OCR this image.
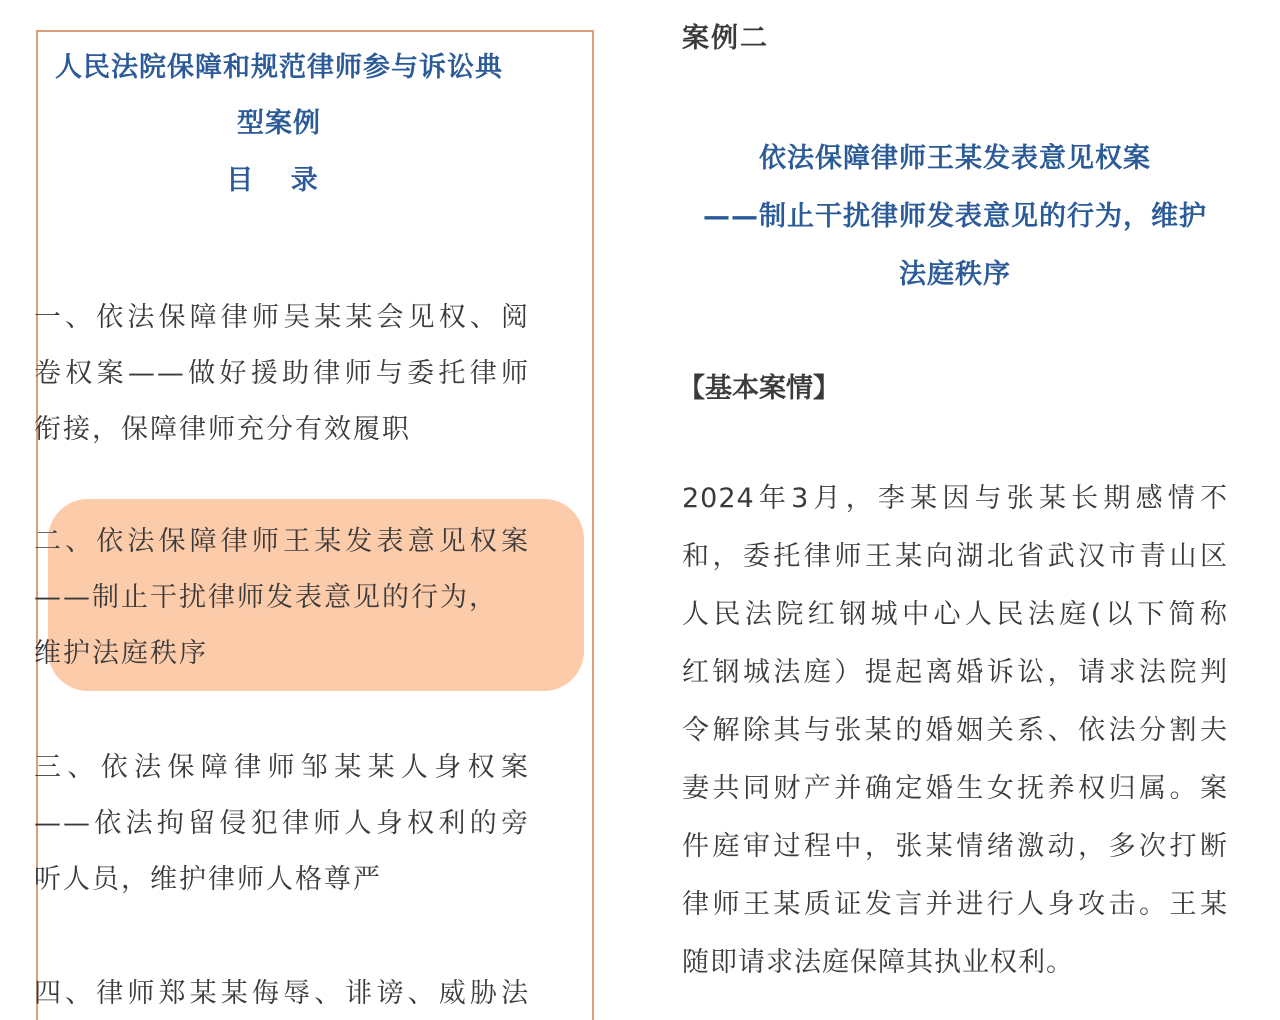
人民法院保障和规范律师参与诉讼典
型案例
目 录
一、依法保障律师吴某某会见权、阅
卷权案——做好援助律师与委托律师
衔接，保障律师充分有效履职
二、依法保障律师王某发表意见权案
——制止干扰律师发表意见的行为，
维护法庭秩序
三、依法保障律师邹某某人身权案
——依法拘留侵犯律师人身权利的旁
听人员，维护律师人格尊严
四、律师郑某某侮辱、诽谤、威胁法
案例二
依法保障律师王某发表意见权案
——制止干扰律师发表意见的行为，维护
法庭秩序
【基本案情】
2024年3月，李某因与张某长期感情不
和，委托律师王某向湖北省武汉市青山区
人民法院红钢城中心人民法庭(以下简称
红钢城法庭）提起离婚诉讼，请求法院判
令解除其与张某的婚姻关系、依法分割夫
妻共同财产并确定婚生女抚养权归属。案
件庭审过程中，张某情绪激动，多次打断
律师王某质证发言并进行人身攻击。王某
随即请求法庭保障其执业权利。
